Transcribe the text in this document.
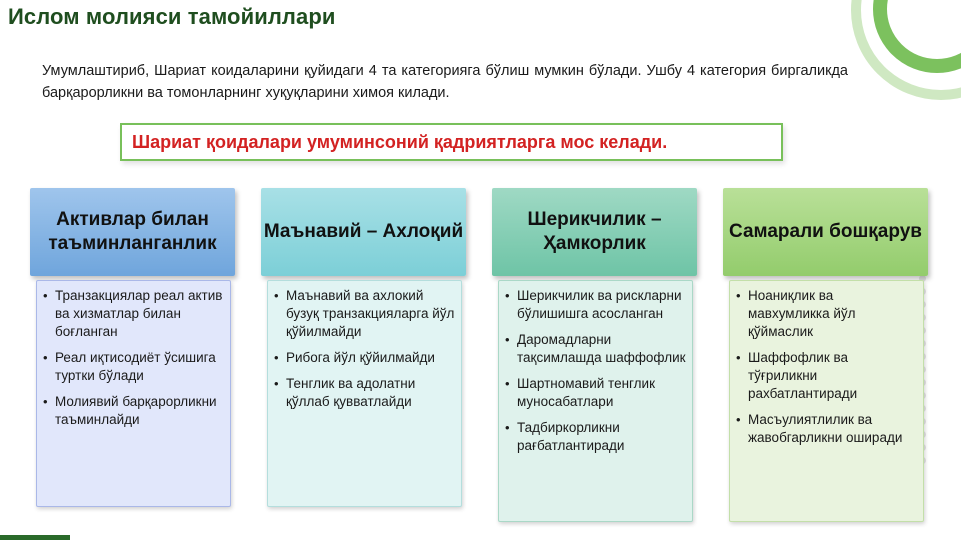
Ислом молияси тамойиллари
Умумлаштириб, Шариат коидаларини қуйидаги 4 та категорияга бўлиш мумкин бўлади. Ушбу 4 категория биргаликда барқарорликни ва томонларнинг хуқуқларини химоя килади.
Шариат қоидалари умуминсоний қадриятларга мос келади.
Активлар билан таъминланганлик
• Транзакциялар реал актив ва хизматлар билан боғланган
• Реал иқтисодиёт ўсишига туртки бўлади
• Молиявий барқарорликни таъминлайди
Маънавий – Ахлоқий
• Маънавий ва ахлокий бузуқ транзакцияларга йўл қўйилмайди
• Рибога йўл қўйилмайди
• Тенглик ва адолатни қўллаб қувватлайди
Шерикчилик – Ҳамкорлик
• Шерикчилик ва рискларни бўлишишга асосланган
• Даромадларни тақсимлашда шаффофлик
• Шартномавий тенглик муносабатлари
• Тадбиркорликни рағбатлантиради
Самарали бошқарув
• Ноаниқлик ва мавхумликка йўл қўймаслик
• Шаффофлик ва тўғриликни рахбатлантиради
• Масъулиятлилик ва жавобгарликни оширади
